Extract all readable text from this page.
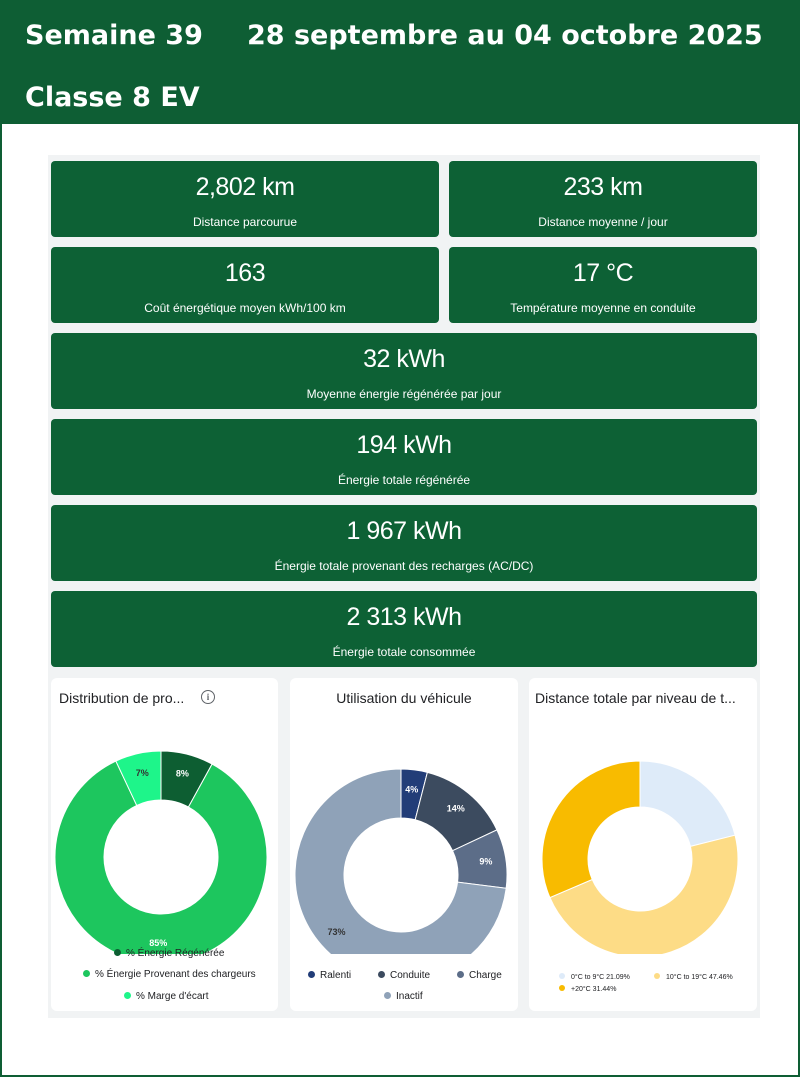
Semaine 39 28 septembre au 04 octobre 2025
Classe 8 EV
2,802 km
Distance parcourue
233 km
Distance moyenne / jour
163
Coût énergétique moyen kWh/100 km
17 °C
Température moyenne en conduite
32 kWh
Moyenne énergie régénérée par jour
194 kWh
Énergie totale régénérée
1 967 kWh
Énergie totale provenant des recharges (AC/DC)
2 313 kWh
Énergie totale consommée
Distribution de pro...	i
8%
85%
7%
% Énergie Régénérée
% Énergie Provenant des chargeurs
% Marge d'écart
Utilisation du véhicule
4%
14%
9%
73%
Ralenti	Conduite	Charge
Inactif
Distance totale par niveau de t...
0°C to 9°C 21.09%	10°C to 19°C 47.46%
+20°C 31.44%
